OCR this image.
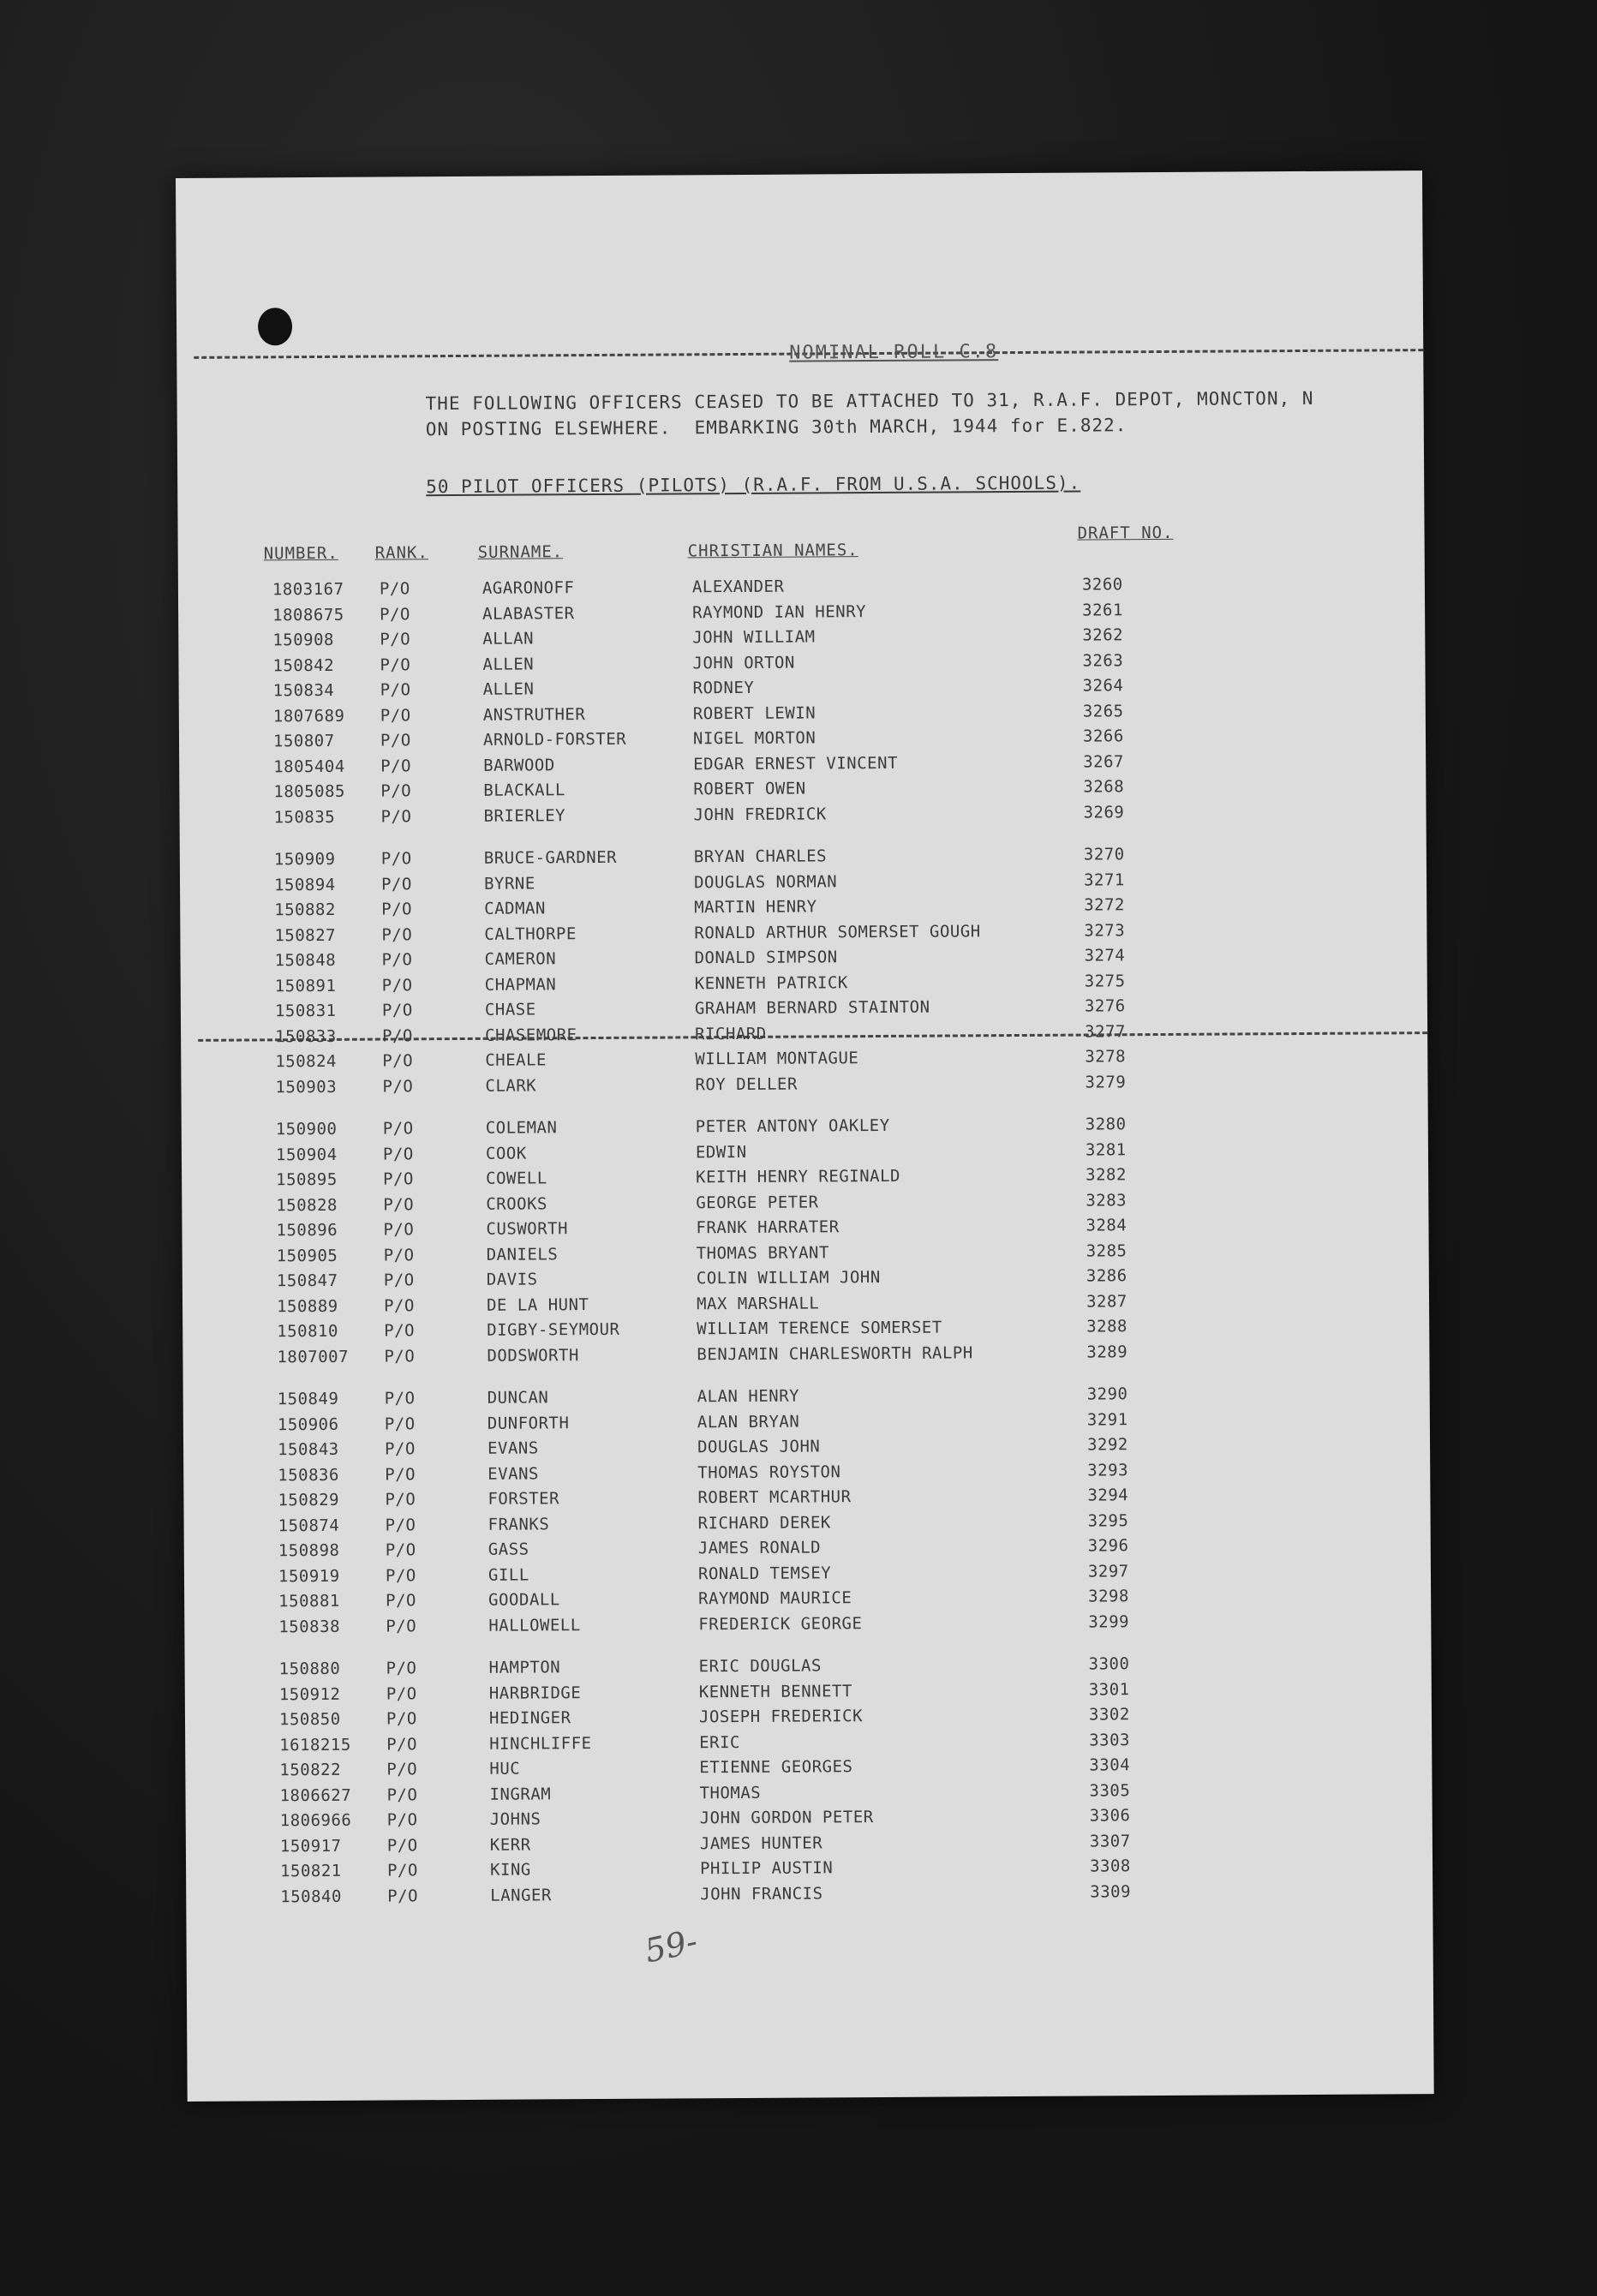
NOMINAL ROLL C.8
THE FOLLOWING OFFICERS CEASED TO BE ATTACHED TO 31, R.A.F. DEPOT, MONCTON, N
ON POSTING ELSEWHERE.  EMBARKING 30th MARCH, 1944 for E.822.
50 PILOT OFFICERS (PILOTS) (R.A.F. FROM U.S.A. SCHOOLS).
NUMBER. RANK.	SURNAME.	CHRISTIAN NAMES.
DRAFT NO.
1803167 P/O	AGARONOFF	ALEXANDER	3260
1808675 P/O	ALABASTER	RAYMOND IAN HENRY	3261
150908	P/O	ALLAN	JOHN WILLIAM	3262
150842	P/O	ALLEN	JOHN ORTON	3263
150834	P/O	ALLEN	RODNEY	3264
1807689 P/O	ANSTRUTHER	ROBERT LEWIN	3265
150807	P/O	ARNOLD-FORSTER	NIGEL MORTON	3266
1805404 P/O	BARWOOD	EDGAR ERNEST VINCENT	3267
1805085 P/O	BLACKALL	ROBERT OWEN	3268
150835	P/O	BRIERLEY	JOHN FREDRICK	3269
150909	P/O	BRUCE-GARDNER	BRYAN CHARLES	3270
150894	P/O	BYRNE	DOUGLAS NORMAN	3271
150882	P/O	CADMAN	MARTIN HENRY	3272
150827	P/O	CALTHORPE	RONALD ARTHUR SOMERSET GOUGH	3273
150848	P/O	CAMERON	DONALD SIMPSON	3274
150891	P/O	CHAPMAN	KENNETH PATRICK	3275
150831	P/O	CHASE	GRAHAM BERNARD STAINTON	3276
150833	P/O	CHASEMORE	RICHARD	3277
150824	P/O	CHEALE	WILLIAM MONTAGUE	3278
150903	P/O	CLARK	ROY DELLER	3279
150900	P/O	COLEMAN	PETER ANTONY OAKLEY	3280
150904	P/O	COOK	EDWIN	3281
150895	P/O	COWELL	KEITH HENRY REGINALD	3282
150828	P/O	CROOKS	GEORGE PETER	3283
150896	P/O	CUSWORTH	FRANK HARRATER	3284
150905	P/O	DANIELS	THOMAS BRYANT	3285
150847	P/O	DAVIS	COLIN WILLIAM JOHN	3286
150889	P/O	DE LA HUNT	MAX MARSHALL	3287
150810	P/O	DIGBY-SEYMOUR	WILLIAM TERENCE SOMERSET	3288
1807007 P/O	DODSWORTH	BENJAMIN CHARLESWORTH RALPH	3289
150849	P/O	DUNCAN	ALAN HENRY	3290
150906	P/O	DUNFORTH	ALAN BRYAN	3291
150843	P/O	EVANS	DOUGLAS JOHN	3292
150836	P/O	EVANS	THOMAS ROYSTON	3293
150829	P/O	FORSTER	ROBERT MCARTHUR	3294
150874	P/O	FRANKS	RICHARD DEREK	3295
150898	P/O	GASS	JAMES RONALD	3296
150919	P/O	GILL	RONALD TEMSEY	3297
150881	P/O	GOODALL	RAYMOND MAURICE	3298
150838	P/O	HALLOWELL	FREDERICK GEORGE	3299
150880	P/O	HAMPTON	ERIC DOUGLAS	3300
150912	P/O	HARBRIDGE	KENNETH BENNETT	3301
150850	P/O	HEDINGER	JOSEPH FREDERICK	3302
1618215 P/O	HINCHLIFFE	ERIC	3303
150822	P/O	HUC	ETIENNE GEORGES	3304
1806627 P/O	INGRAM	THOMAS	3305
1806966 P/O	JOHNS	JOHN GORDON PETER	3306
150917	P/O	KERR	JAMES HUNTER	3307
150821	P/O	KING	PHILIP AUSTIN	3308
150840	P/O	LANGER	JOHN FRANCIS	3309
59-
